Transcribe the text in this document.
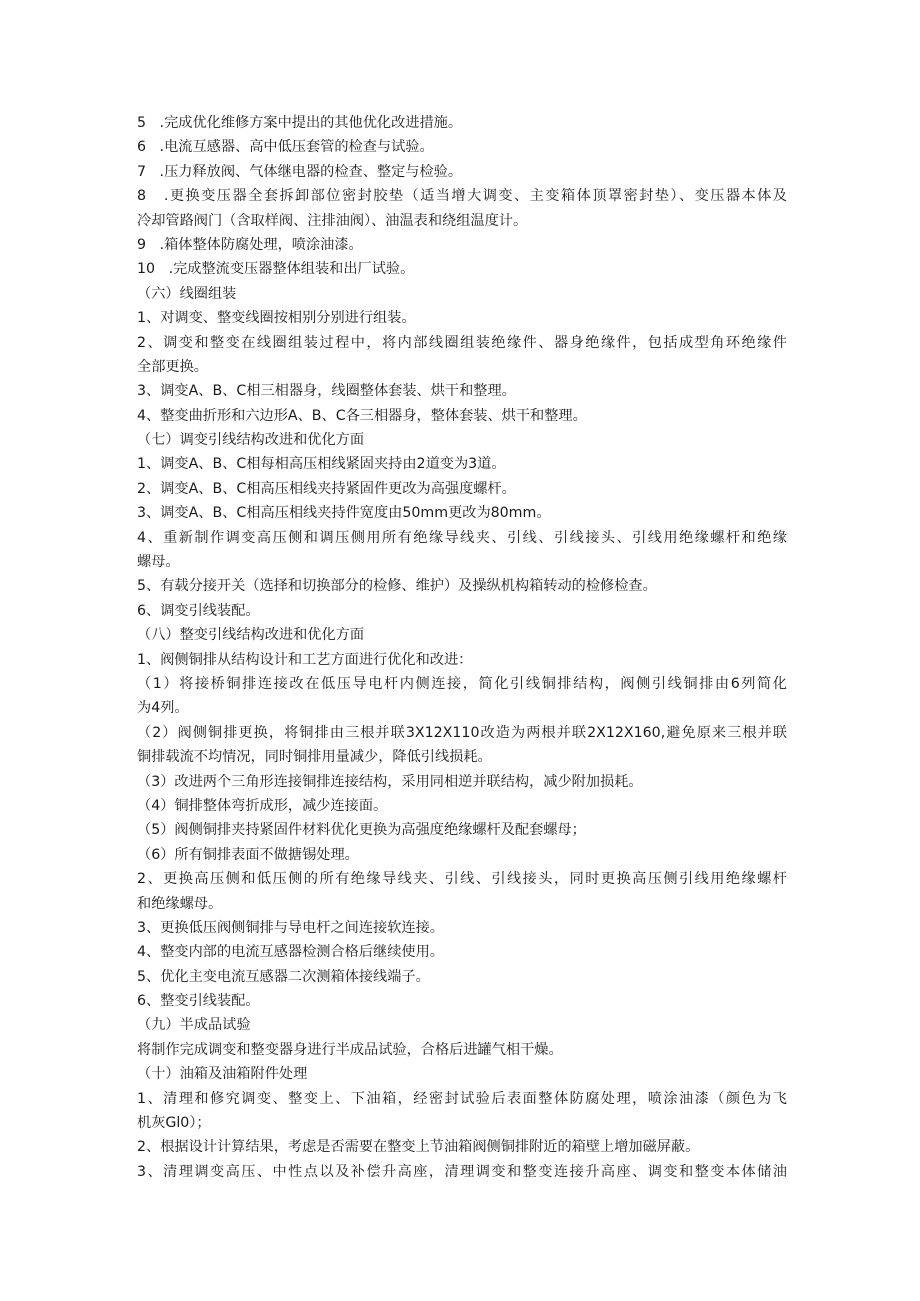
5   .完成优化维修方案中提出的其他优化改进措施。
6   .电流互感器、高中低压套管的检查与试验。
7   .压力释放阀、气体继电器的检查、整定与检验。
8   .更换变压器全套拆卸部位密封胶垫（适当增大调变、主变箱体顶罩密封垫）、变压器本体及
冷却管路阀门（含取样阀、注排油阀）、油温表和绕组温度计。
9   .箱体整体防腐处理，喷涂油漆。
10   .完成整流变压器整体组装和出厂试验。
（六）线圈组装
1、对调变、整变线圈按相别分别进行组装。
2、调变和整变在线圈组装过程中，将内部线圈组装绝缘件、器身绝缘件，包括成型角环绝缘件
全部更换。
3、调变A、B、C相三相器身，线圈整体套装、烘干和整理。
4、整变曲折形和六边形A、B、C各三相器身，整体套装、烘干和整理。
（七）调变引线结构改进和优化方面
1、调变A、B、C相每相高压相线紧固夹持由2道变为3道。
2、调变A、B、C相高压相线夹持紧固件更改为高强度螺杆。
3、调变A、B、C相高压相线夹持件宽度由50mm更改为80mm。
4、重新制作调变高压侧和调压侧用所有绝缘导线夹、引线、引线接头、引线用绝缘螺杆和绝缘
螺母。
5、有载分接开关（选择和切换部分的检修、维护）及操纵机构箱转动的检修检查。
6、调变引线装配。
（八）整变引线结构改进和优化方面
1、阀侧铜排从结构设计和工艺方面进行优化和改进：
（1）将接桥铜排连接改在低压导电杆内侧连接，简化引线铜排结构，阀侧引线铜排由6列简化
为4列。
（2）阀侧铜排更换，将铜排由三根并联3X12X110改造为两根并联2X12X160,避免原来三根并联
铜排载流不均情况，同时铜排用量减少，降低引线损耗。
（3）改进两个三角形连接铜排连接结构，采用同相逆并联结构，减少附加损耗。
（4）铜排整体弯折成形，减少连接面。
（5）阀侧铜排夹持紧固件材料优化更换为高强度绝缘螺杆及配套螺母；
（6）所有铜排表面不做搪锡处理。
2、更换高压侧和低压侧的所有绝缘导线夹、引线、引线接头，同时更换高压侧引线用绝缘螺杆
和绝缘螺母。
3、更换低压阀侧铜排与导电杆之间连接软连接。
4、整变内部的电流互感器检测合格后继续使用。
5、优化主变电流互感器二次测箱体接线端子。
6、整变引线装配。
（九）半成品试验
将制作完成调变和整变器身进行半成品试验，合格后进罐气相干燥。
（十）油箱及油箱附件处理
1、清理和修究调变、整变上、下油箱，经密封试验后表面整体防腐处理，喷涂油漆（颜色为飞
机灰Gl0）；
2、根据设计计算结果，考虑是否需要在整变上节油箱阀侧铜排附近的箱壁上增加磁屏蔽。
3、清理调变高压、中性点以及补偿升高座，清理调变和整变连接升高座、调变和整变本体储油
